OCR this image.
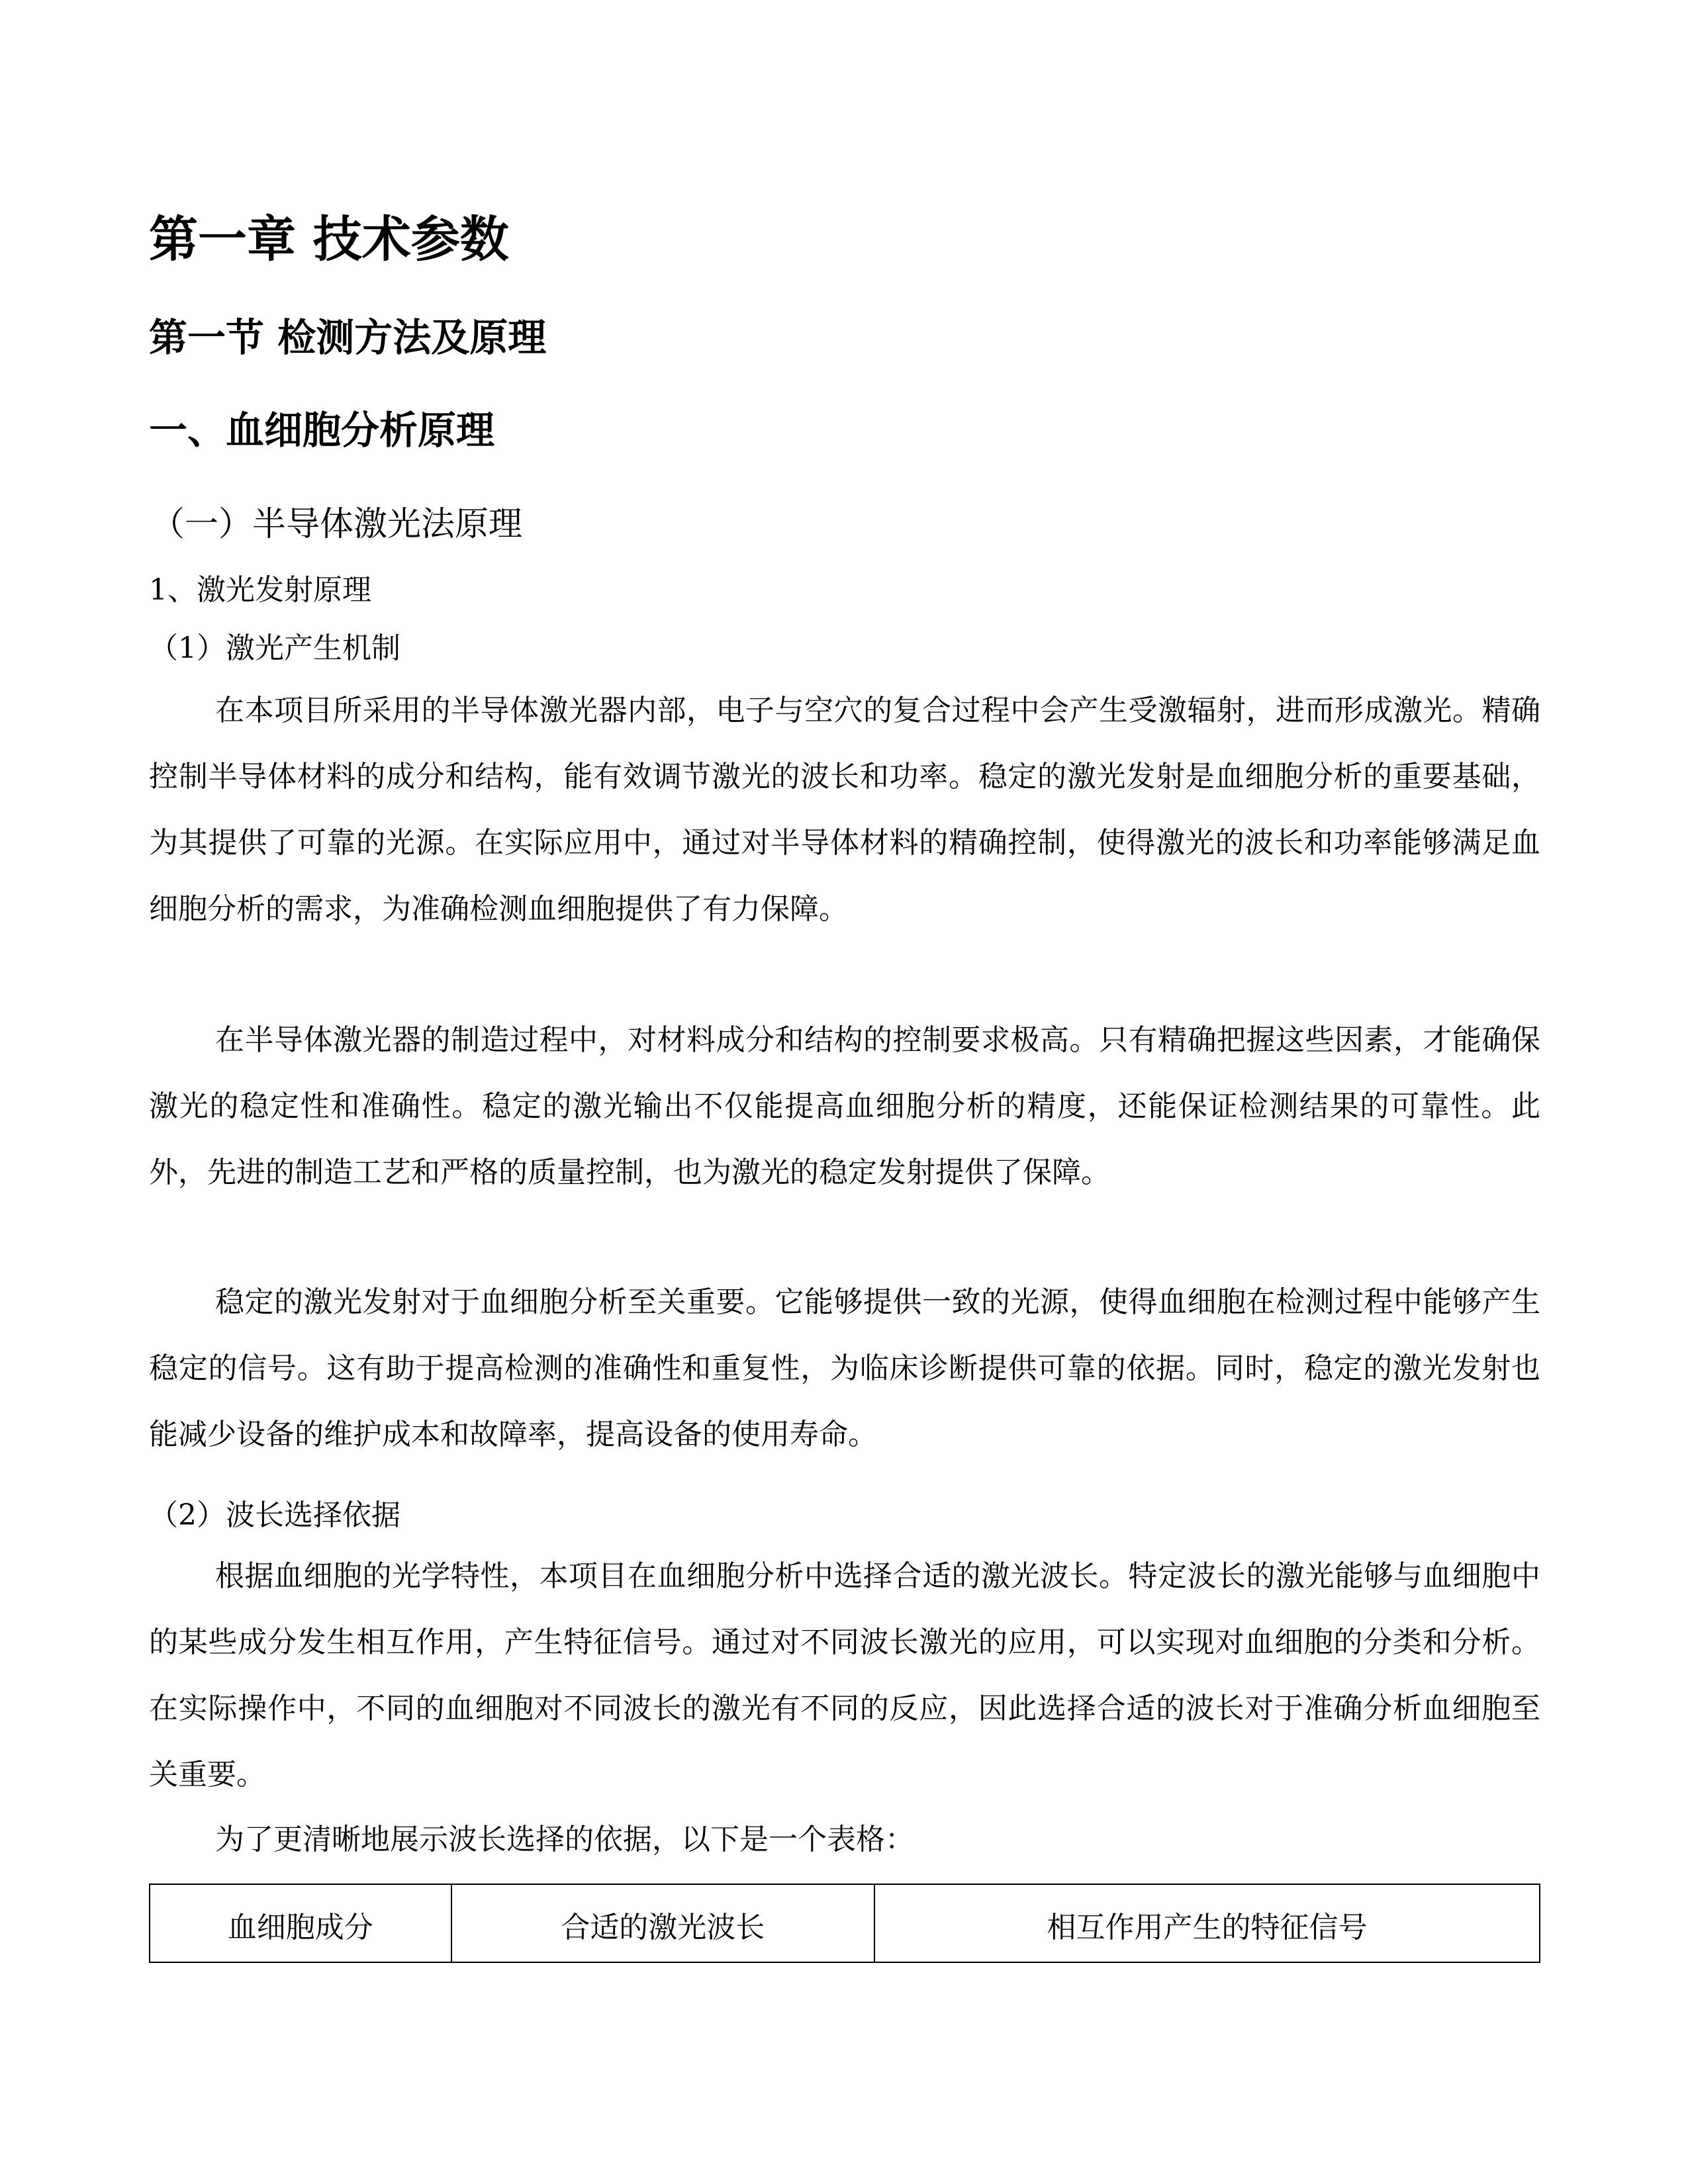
第一章 技术参数
第一节 检测方法及原理
一、血细胞分析原理
（一）半导体激光法原理
1、激光发射原理
（1）激光产生机制

在本项目所采用的半导体激光器内部，电子与空穴的复合过程中会产生受激辐射，进而形成激光。精确控制半导体材料的成分和结构，能有效调节激光的波长和功率。稳定的激光发射是血细胞分析的重要基础，为其提供了可靠的光源。在实际应用中，通过对半导体材料的精确控制，使得激光的波长和功率能够满足血细胞分析的需求，为准确检测血细胞提供了有力保障。

在半导体激光器的制造过程中，对材料成分和结构的控制要求极高。只有精确把握这些因素，才能确保激光的稳定性和准确性。稳定的激光输出不仅能提高血细胞分析的精度，还能保证检测结果的可靠性。此外，先进的制造工艺和严格的质量控制，也为激光的稳定发射提供了保障。

稳定的激光发射对于血细胞分析至关重要。它能够提供一致的光源，使得血细胞在检测过程中能够产生稳定的信号。这有助于提高检测的准确性和重复性，为临床诊断提供可靠的依据。同时，稳定的激光发射也能减少设备的维护成本和故障率，提高设备的使用寿命。

（2）波长选择依据

根据血细胞的光学特性，本项目在血细胞分析中选择合适的激光波长。特定波长的激光能够与血细胞中的某些成分发生相互作用，产生特征信号。通过对不同波长激光的应用，可以实现对血细胞的分类和分析。在实际操作中，不同的血细胞对不同波长的激光有不同的反应，因此选择合适的波长对于准确分析血细胞至关重要。

为了更清晰地展示波长选择的依据，以下是一个表格：

血细胞成分	合适的激光波长	相互作用产生的特征信号
